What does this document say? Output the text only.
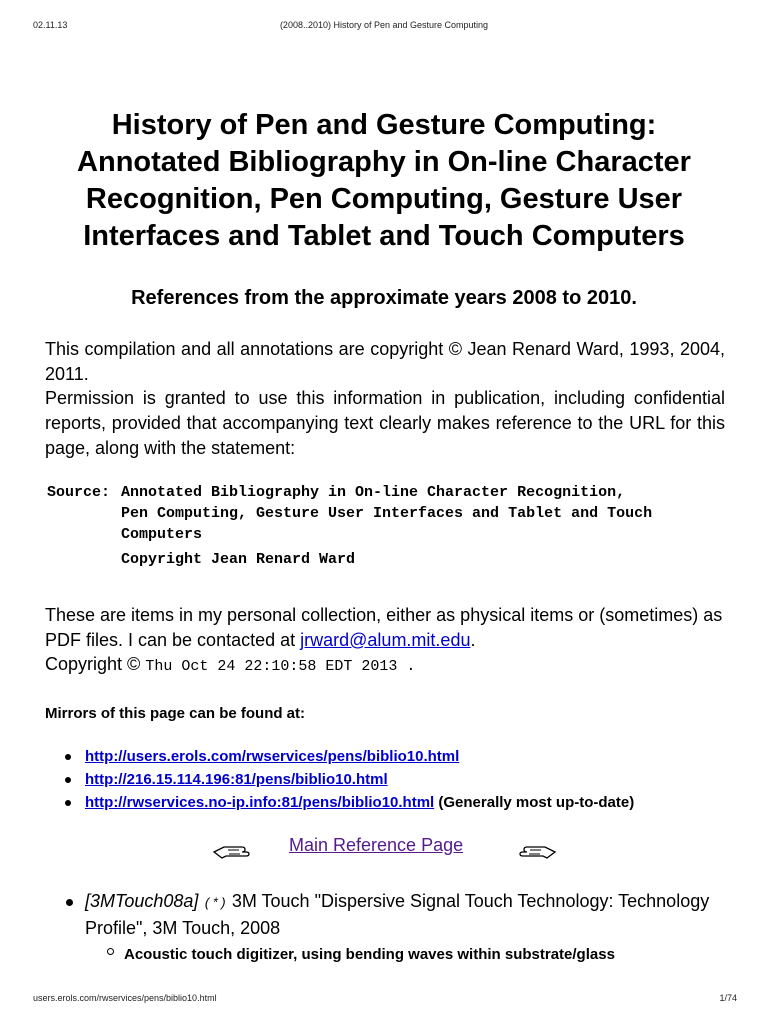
02.11.13	(2008..2010) History of Pen and Gesture Computing
History of Pen and Gesture Computing: Annotated Bibliography in On-line Character Recognition, Pen Computing, Gesture User Interfaces and Tablet and Touch Computers
References from the approximate years 2008 to 2010.

This compilation and all annotations are copyright © Jean Renard Ward, 1993, 2004, 2011.
Permission is granted to use this information in publication, including confidential reports, provided that accompanying text clearly makes reference to the URL for this page, along with the statement:

Source: Annotated Bibliography in On-line Character Recognition,
Pen Computing, Gesture User Interfaces and Tablet and Touch
Computers
Copyright Jean Renard Ward

These are items in my personal collection, either as physical items or (sometimes) as PDF files. I can be contacted at jrward@alum.mit.edu.
Copyright © Thu Oct 24 22:10:58 EDT 2013 .

Mirrors of this page can be found at:
http://users.erols.com/rwservices/pens/biblio10.html
http://216.15.114.196:81/pens/biblio10.html
http://rwservices.no-ip.info:81/pens/biblio10.html (Generally most up-to-date)
Main Reference Page
[3MTouch08a] (*) 3M Touch "Dispersive Signal Touch Technology: Technology Profile", 3M Touch, 2008
Acoustic touch digitizer, using bending waves within substrate/glass
users.erols.com/rwservices/pens/biblio10.html	1/74
